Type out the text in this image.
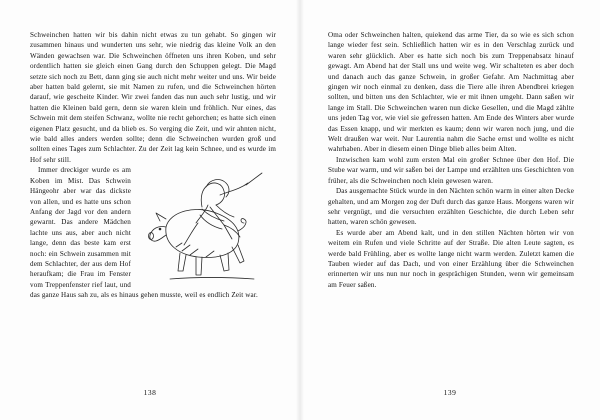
Schweinchen hatten wir bis dahin nicht etwas zu tun gehabt. So gingen wir zusammen hinaus und wunderten uns sehr, wie niedrig das kleine Volk an den Wänden gewachsen war. Die Schweinchen öffneten uns ihren Koben, und sehr ordentlich hatten sie gleich einen Gang durch den Schuppen gelegt. Die Magd setzte sich noch zu Bett, dann ging sie auch nicht mehr weiter und uns. Wir beide aber hatten bald gelernt, sie mit Namen zu rufen, und die Schweinchen hörten darauf, wie gescheite Kinder. Wir zwei fanden das nun auch sehr lustig, und wir hatten die Kleinen bald gern, denn sie waren klein und fröhlich. Nur eines, das Schwein mit dem steifen Schwanz, wollte nie recht gehorchen; es hatte sich einen eigenen Platz gesucht, und da blieb es. So verging die Zeit, und wir ahnten nicht, wie bald alles anders werden sollte; denn die Schweinchen wurden groß und sollten eines Tages zum Schlachter. Zu der Zeit lag kein Schnee, und es wurde im Hof sehr still.

Immer dreckiger wurde es am Koben im Mist. Das Schwein Hängeohr aber war das dickste von allen, und es hatte uns schon Anfang der Jagd vor den andern gewarnt. Das andere Mädchen lachte uns aus, aber auch nicht lange, denn das beste kam erst noch: ein Schwein zusammen mit dem Schlachter, der aus dem Hof heraufkam; die Frau im Fenster vom Treppenfenster rief laut, und das ganze Haus sah zu, als es hinaus gehen musste, weil es endlich Zeit war.

138

Oma oder Schweinchen halten, quiekend das arme Tier, da so wie es sich schon lange wieder fest sein. Schließlich hatten wir es in den Verschlag zurück und waren sehr glücklich. Aber es hatte sich noch bis zum Treppenabsatz hinauf gewagt. Am Abend hat der Stall uns und weite weg. Wir schalteten es aber doch und danach auch das ganze Schwein, in großer Gefahr. Am Nachmittag aber gingen wir noch einmal zu denken, dass die Tiere alle ihren Abendbrei kriegen sollten, und bitten uns den Schlachter, wie er mit ihnen umgeht. Dann saßen wir lange im Stall. Die Schweinchen waren nun dicke Gesellen, und die Magd zählte uns jeden Tag vor, wie viel sie gefressen hatten. Am Ende des Winters aber wurde das Essen knapp, und wir merkten es kaum; denn wir waren noch jung, und die Welt draußen war weit. Nur Laurentia nahm die Sache ernst und wollte es nicht wahrhaben. Aber in diesem einen Dinge blieb alles beim Alten.

Inzwischen kam wohl zum ersten Mal ein großer Schnee über den Hof. Die Stube war warm, und wir saßen bei der Lampe und erzählten uns Geschichten von früher, als die Schweinchen noch klein gewesen waren.

Das ausgemachte Stück wurde in den Nächten schön warm in einer alten Decke gehalten, und am Morgen zog der Duft durch das ganze Haus. Morgens waren wir sehr vergnügt, und die versuchten erzählten Geschichte, die durch Leben sehr hatten, waren schön gewesen.

Es wurde aber am Abend kalt, und in den stillen Nächten hörten wir von weitem ein Rufen und viele Schritte auf der Straße. Die alten Leute sagten, es werde bald Frühling, aber es wollte lange nicht warm werden. Zuletzt kamen die Tauben wieder auf das Dach, und von einer Erzählung über die Schweinchen erinnerten wir uns nun nur noch in gesprächigen Stunden, wenn wir gemeinsam am Feuer saßen.

139
